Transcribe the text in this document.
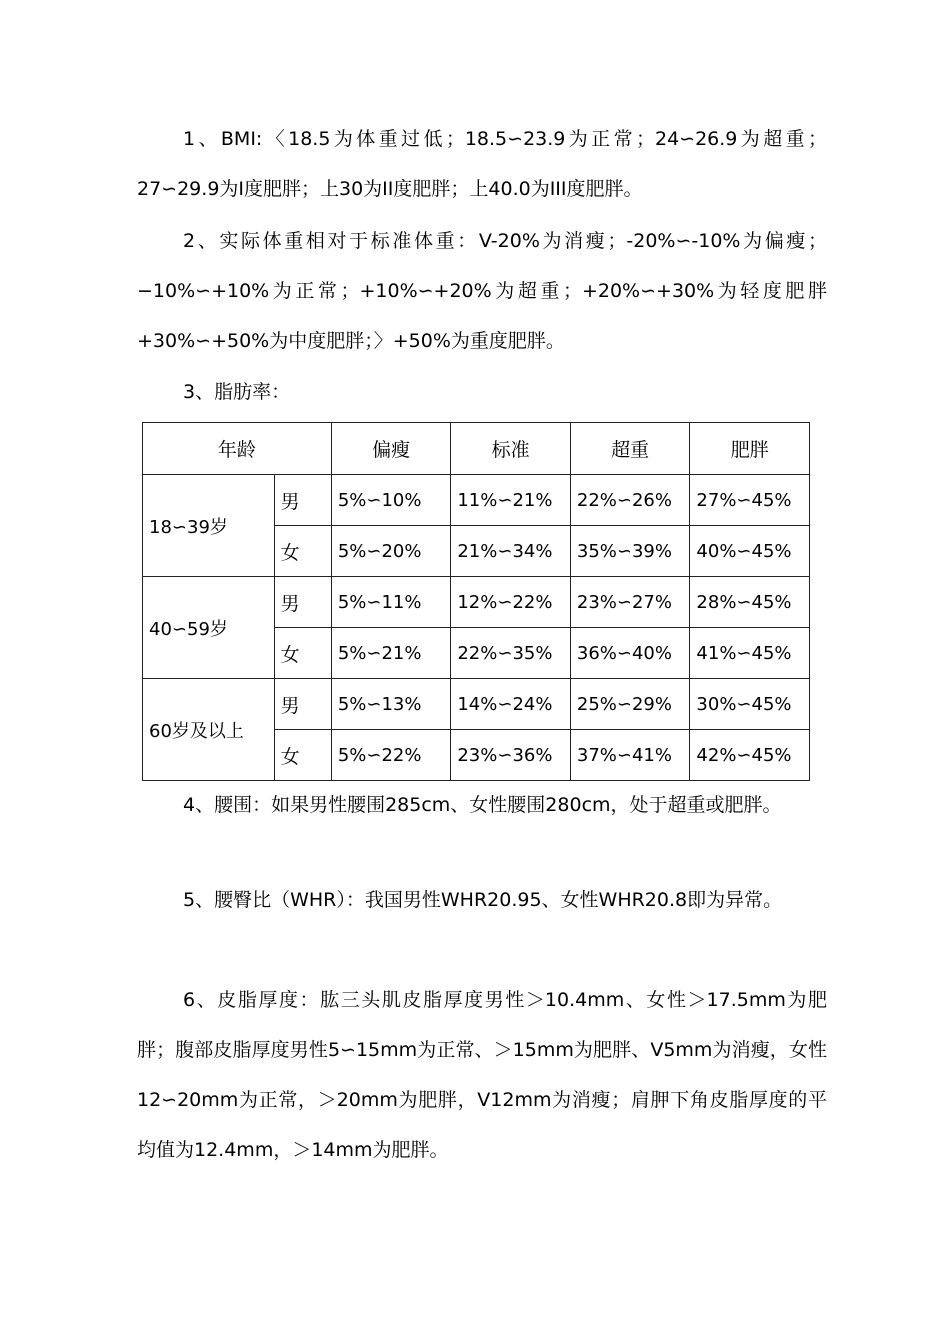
1、BMI:〈18.5为体重过低；18.5∽23.9为正常；24∽26.9为超重；27∽29.9为I度肥胖；上30为II度肥胖；上40.0为III度肥胖。

2、实际体重相对于标准体重：V-20%为消瘦；-20%∽-10%为偏瘦；−10%∽+10%为正常；+10%∽+20%为超重；+20%∽+30%为轻度肥胖+30%∽+50%为中度肥胖；〉+50%为重度肥胖。

3、脂肪率：

年龄		偏瘦	标准	超重	肥胖
18∽39岁	男	5%∽10%	11%∽21%	22%∽26%	27%∽45%
	女	5%∽20%	21%∽34%	35%∽39%	40%∽45%
40∽59岁	男	5%∽11%	12%∽22%	23%∽27%	28%∽45%
	女	5%∽21%	22%∽35%	36%∽40%	41%∽45%
60岁及以上	男	5%∽13%	14%∽24%	25%∽29%	30%∽45%
	女	5%∽22%	23%∽36%	37%∽41%	42%∽45%

4、腰围：如果男性腰围285cm、女性腰围280cm，处于超重或肥胖。

5、腰臀比（WHR）：我国男性WHR20.95、女性WHR20.8即为异常。

6、皮脂厚度：肱三头肌皮脂厚度男性＞10.4mm、女性＞17.5mm为肥胖；腹部皮脂厚度男性5∽15mm为正常、＞15mm为肥胖、V5mm为消瘦，女性12∽20mm为正常，＞20mm为肥胖，V12mm为消瘦；肩胛下角皮脂厚度的平均值为12.4mm，＞14mm为肥胖。
